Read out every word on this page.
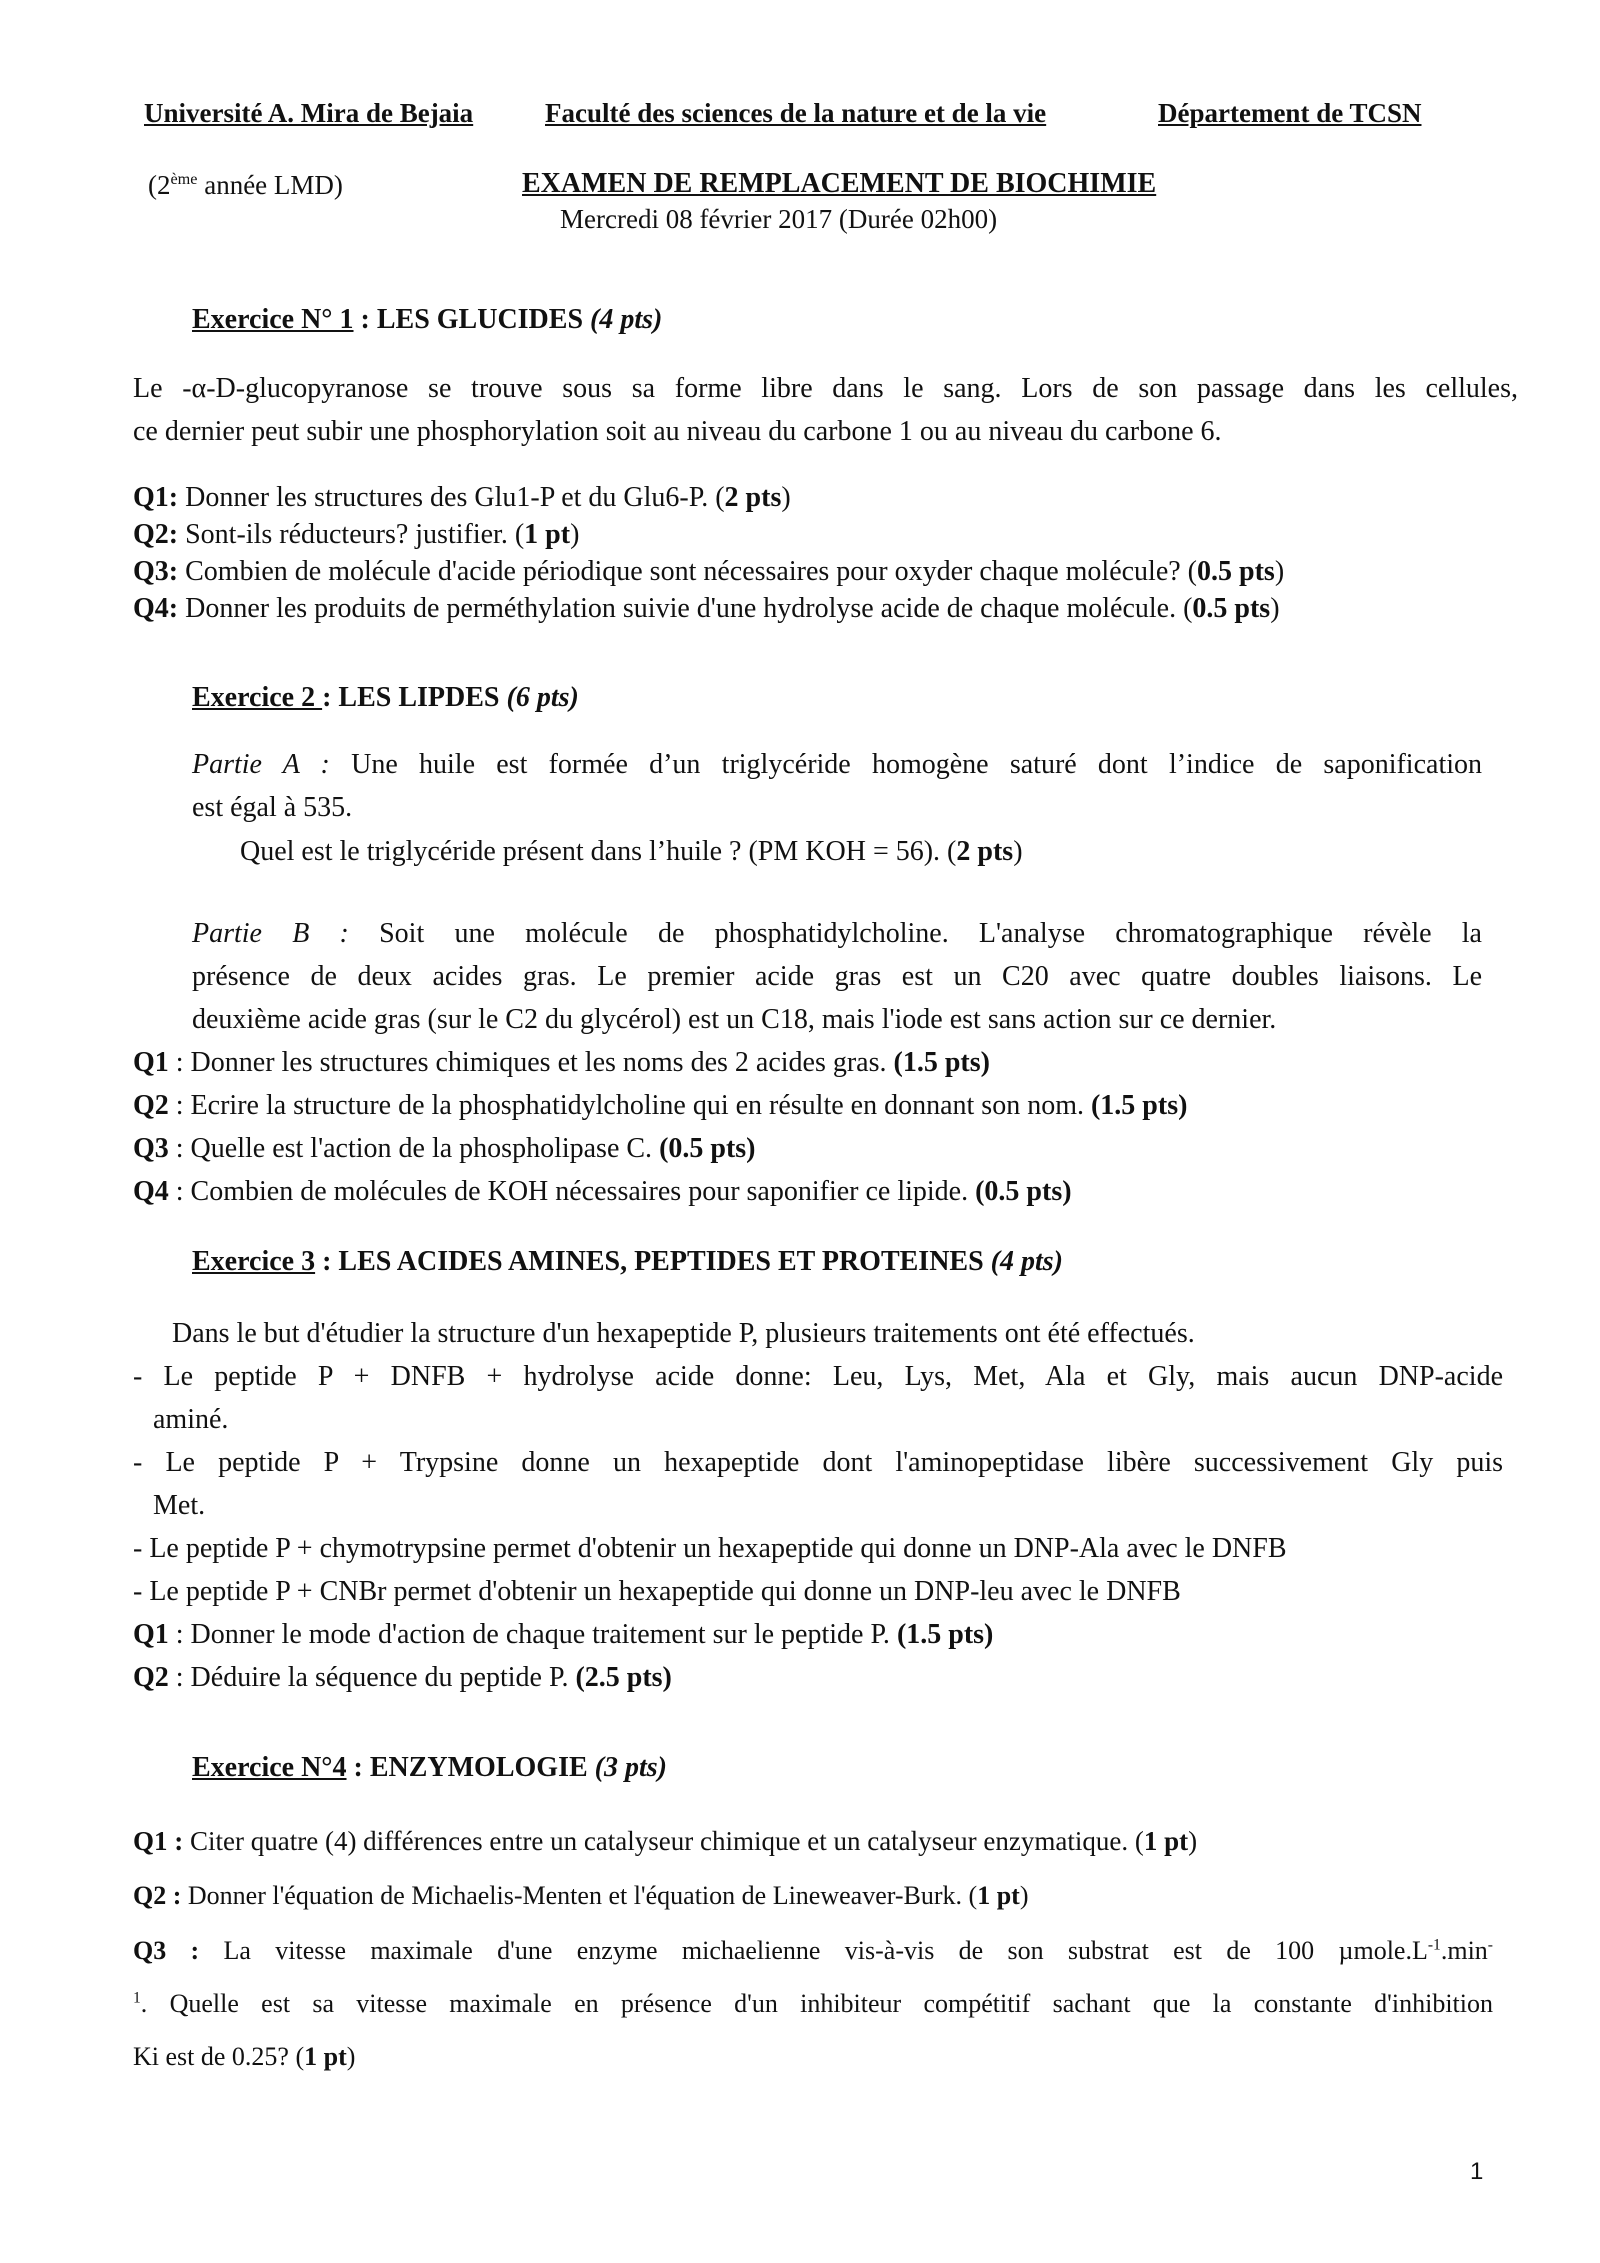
Université A. Mira de Bejaia	Faculté des sciences de la nature et de la vie	Département de TCSN
(2ème année LMD)	EXAMEN DE REMPLACEMENT DE BIOCHIMIE
Mercredi 08 février 2017 (Durée 02h00)
Exercice N° 1 : LES GLUCIDES (4 pts)
Le -α-D-glucopyranose se trouve sous sa forme libre dans le sang. Lors de son passage dans les cellules,
ce dernier peut subir une phosphorylation soit au niveau du carbone 1 ou au niveau du carbone 6.
Q1: Donner les structures des Glu1-P et du Glu6-P. (2 pts)
Q2: Sont-ils réducteurs? justifier. (1 pt)
Q3: Combien de molécule d'acide périodique sont nécessaires pour oxyder chaque molécule? (0.5 pts)
Q4: Donner les produits de perméthylation suivie d'une hydrolyse acide de chaque molécule. (0.5 pts)
Exercice 2 : LES LIPDES (6 pts)
Partie A : Une huile est formée d’un triglycéride homogène saturé dont l’indice de saponification
est égal à 535.
Quel est le triglycéride présent dans l’huile ? (PM KOH = 56). (2 pts)
Partie B : Soit une molécule de phosphatidylcholine. L'analyse chromatographique révèle la
présence de deux acides gras. Le premier acide gras est un C20 avec quatre doubles liaisons. Le
deuxième acide gras (sur le C2 du glycérol) est un C18, mais l'iode est sans action sur ce dernier.
Q1 : Donner les structures chimiques et les noms des 2 acides gras. (1.5 pts)
Q2 : Ecrire la structure de la phosphatidylcholine qui en résulte en donnant son nom. (1.5 pts)
Q3 : Quelle est l'action de la phospholipase C. (0.5 pts)
Q4 : Combien de molécules de KOH nécessaires pour saponifier ce lipide. (0.5 pts)
Exercice 3 : LES ACIDES AMINES, PEPTIDES ET PROTEINES (4 pts)
Dans le but d'étudier la structure d'un hexapeptide P, plusieurs traitements ont été effectués.
- Le peptide P + DNFB + hydrolyse acide donne: Leu, Lys, Met, Ala et Gly, mais aucun DNP-acide
aminé.
- Le peptide P + Trypsine donne un hexapeptide dont l'aminopeptidase libère successivement Gly puis
Met.
- Le peptide P + chymotrypsine permet d'obtenir un hexapeptide qui donne un DNP-Ala avec le DNFB
- Le peptide P + CNBr permet d'obtenir un hexapeptide qui donne un DNP-leu avec le DNFB
Q1 : Donner le mode d'action de chaque traitement sur le peptide P. (1.5 pts)
Q2 : Déduire la séquence du peptide P. (2.5 pts)
Exercice N°4 : ENZYMOLOGIE (3 pts)
Q1 : Citer quatre (4) différences entre un catalyseur chimique et un catalyseur enzymatique. (1 pt)
Q2 : Donner l'équation de Michaelis-Menten et l'équation de Lineweaver-Burk. (1 pt)
Q3 : La vitesse maximale d'une enzyme michaelienne vis-à-vis de son substrat est de 100 $\mu mole.L^{-1}.\min^-$
$^1$. Quelle est sa vitesse maximale en présence d'un inhibiteur compétitif sachant que la constante d'inhibition
Ki est de 0.25? (1 pt)
1
